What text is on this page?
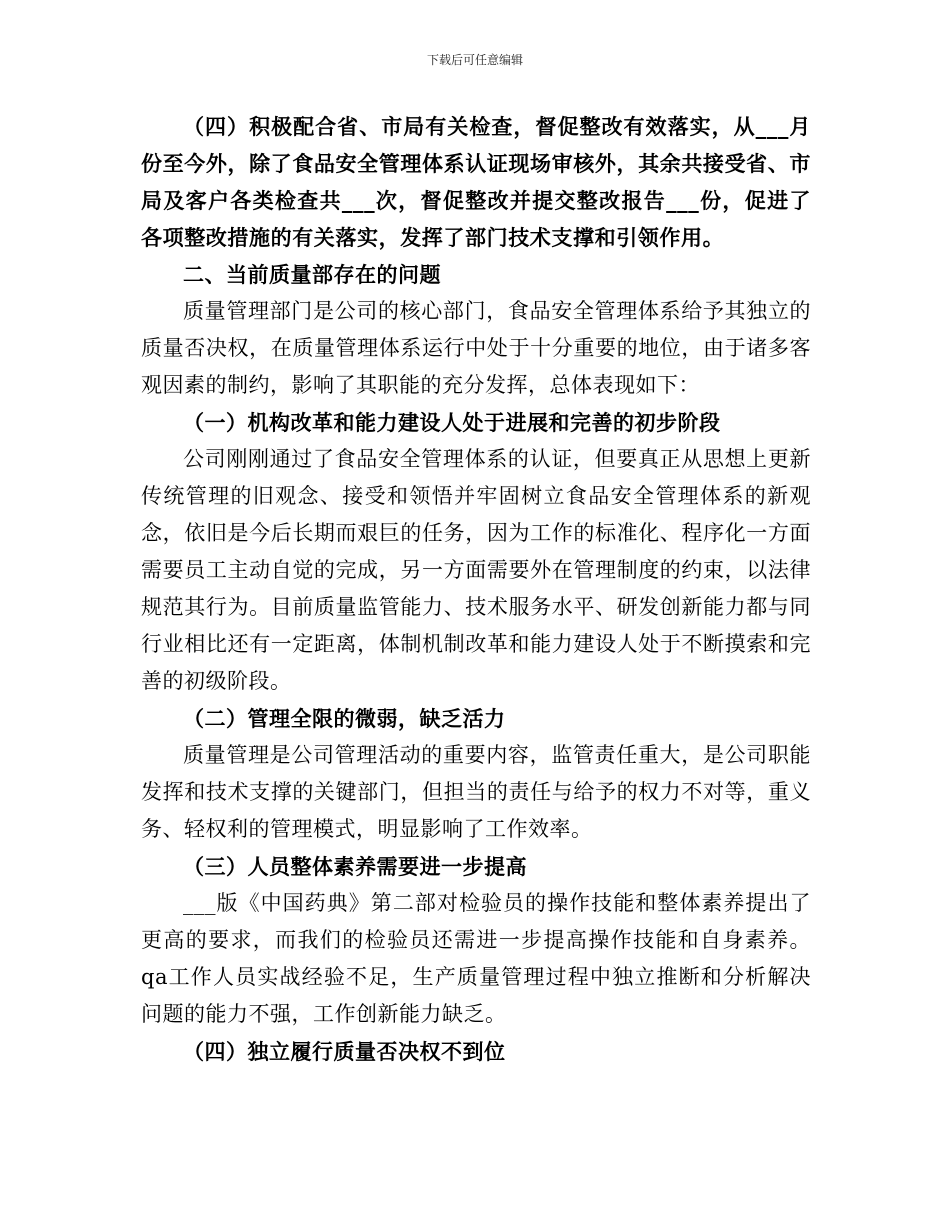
下载后可任意编辑

（四）积极配合省、市局有关检查，督促整改有效落实，从___月份至今外，除了食品安全管理体系认证现场审核外，其余共接受省、市局及客户各类检查共___次，督促整改并提交整改报告___份，促进了各项整改措施的有关落实，发挥了部门技术支撑和引领作用。

二、当前质量部存在的问题

质量管理部门是公司的核心部门，食品安全管理体系给予其独立的质量否决权，在质量管理体系运行中处于十分重要的地位，由于诸多客观因素的制约，影响了其职能的充分发挥，总体表现如下：

（一）机构改革和能力建设人处于进展和完善的初步阶段

公司刚刚通过了食品安全管理体系的认证，但要真正从思想上更新传统管理的旧观念、接受和领悟并牢固树立食品安全管理体系的新观念，依旧是今后长期而艰巨的任务，因为工作的标准化、程序化一方面需要员工主动自觉的完成，另一方面需要外在管理制度的约束，以法律规范其行为。目前质量监管能力、技术服务水平、研发创新能力都与同行业相比还有一定距离，体制机制改革和能力建设人处于不断摸索和完善的初级阶段。

（二）管理全限的微弱，缺乏活力

质量管理是公司管理活动的重要内容，监管责任重大，是公司职能发挥和技术支撑的关键部门，但担当的责任与给予的权力不对等，重义务、轻权利的管理模式，明显影响了工作效率。

（三）人员整体素养需要进一步提高

___版《中国药典》第二部对检验员的操作技能和整体素养提出了更高的要求，而我们的检验员还需进一步提高操作技能和自身素养。qa工作人员实战经验不足，生产质量管理过程中独立推断和分析解决问题的能力不强，工作创新能力缺乏。

（四）独立履行质量否决权不到位
